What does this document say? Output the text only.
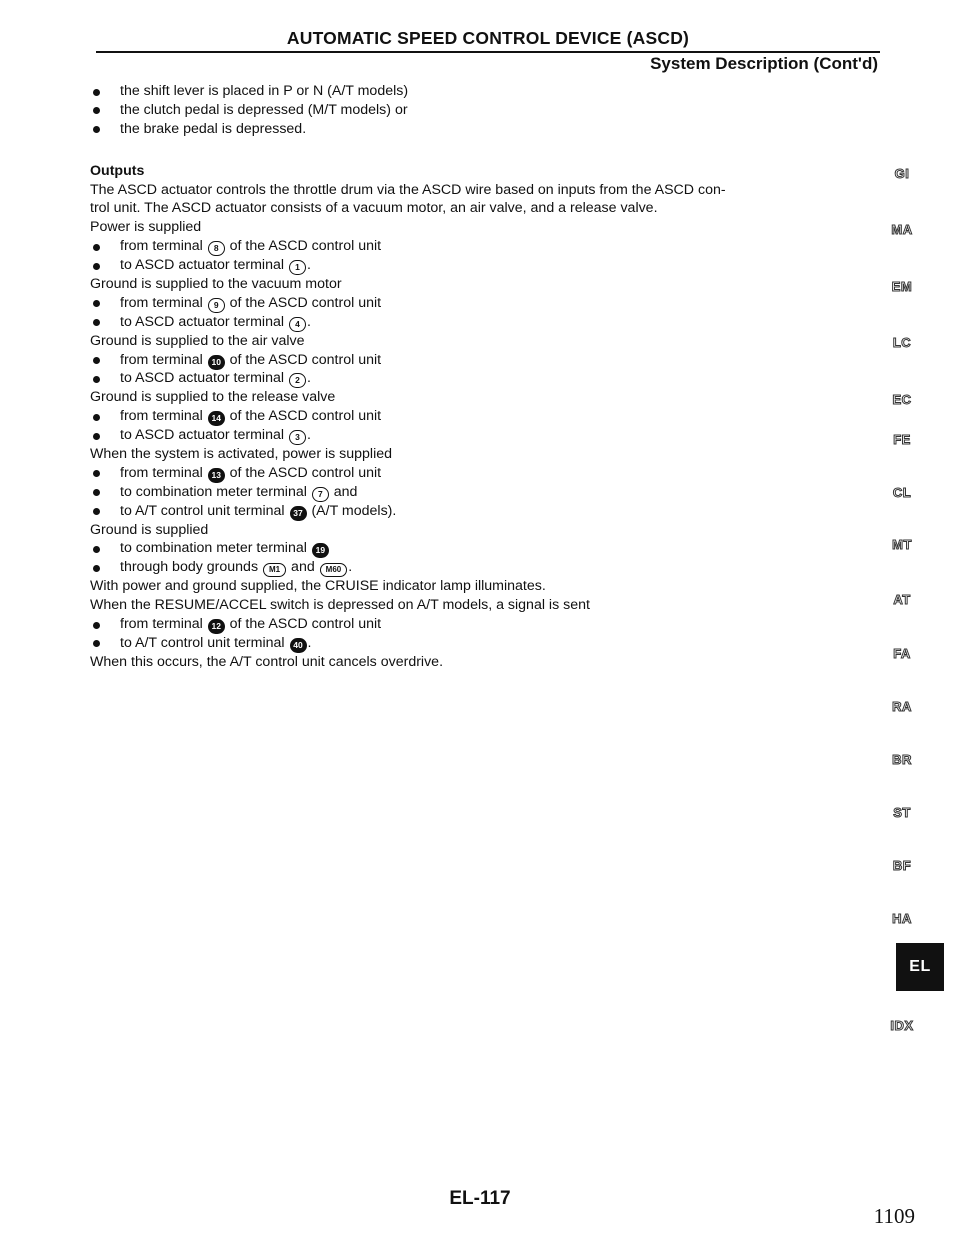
AUTOMATIC SPEED CONTROL DEVICE (ASCD)
System Description (Cont'd)
the shift lever is placed in P or N (A/T models)
the clutch pedal is depressed (M/T models) or
the brake pedal is depressed.
Outputs
The ASCD actuator controls the throttle drum via the ASCD wire based on inputs from the ASCD con-
trol unit. The ASCD actuator consists of a vacuum motor, an air valve, and a release valve.
Power is supplied
from terminal 8 of the ASCD control unit
to ASCD actuator terminal 1 .
Ground is supplied to the vacuum motor
from terminal 9 of the ASCD control unit
to ASCD actuator terminal 4 .
Ground is supplied to the air valve
from terminal 10 of the ASCD control unit
to ASCD actuator terminal 2 .
Ground is supplied to the release valve
from terminal 14 of the ASCD control unit
to ASCD actuator terminal 3 .
When the system is activated, power is supplied
from terminal 13 of the ASCD control unit
to combination meter terminal 7 and
to A/T control unit terminal 37 (A/T models).
Ground is supplied
to combination meter terminal 19
through body grounds M1 and M60 .
With power and ground supplied, the CRUISE indicator lamp illuminates.
When the RESUME/ACCEL switch is depressed on A/T models, a signal is sent
from terminal 12 of the ASCD control unit
to A/T control unit terminal 40 .
When this occurs, the A/T control unit cancels overdrive.
GI
MA
EM
LC
EC
FE
CL
MT
AT
FA
RA
BR
ST
BF
HA
EL
IDX
EL-117
1109
